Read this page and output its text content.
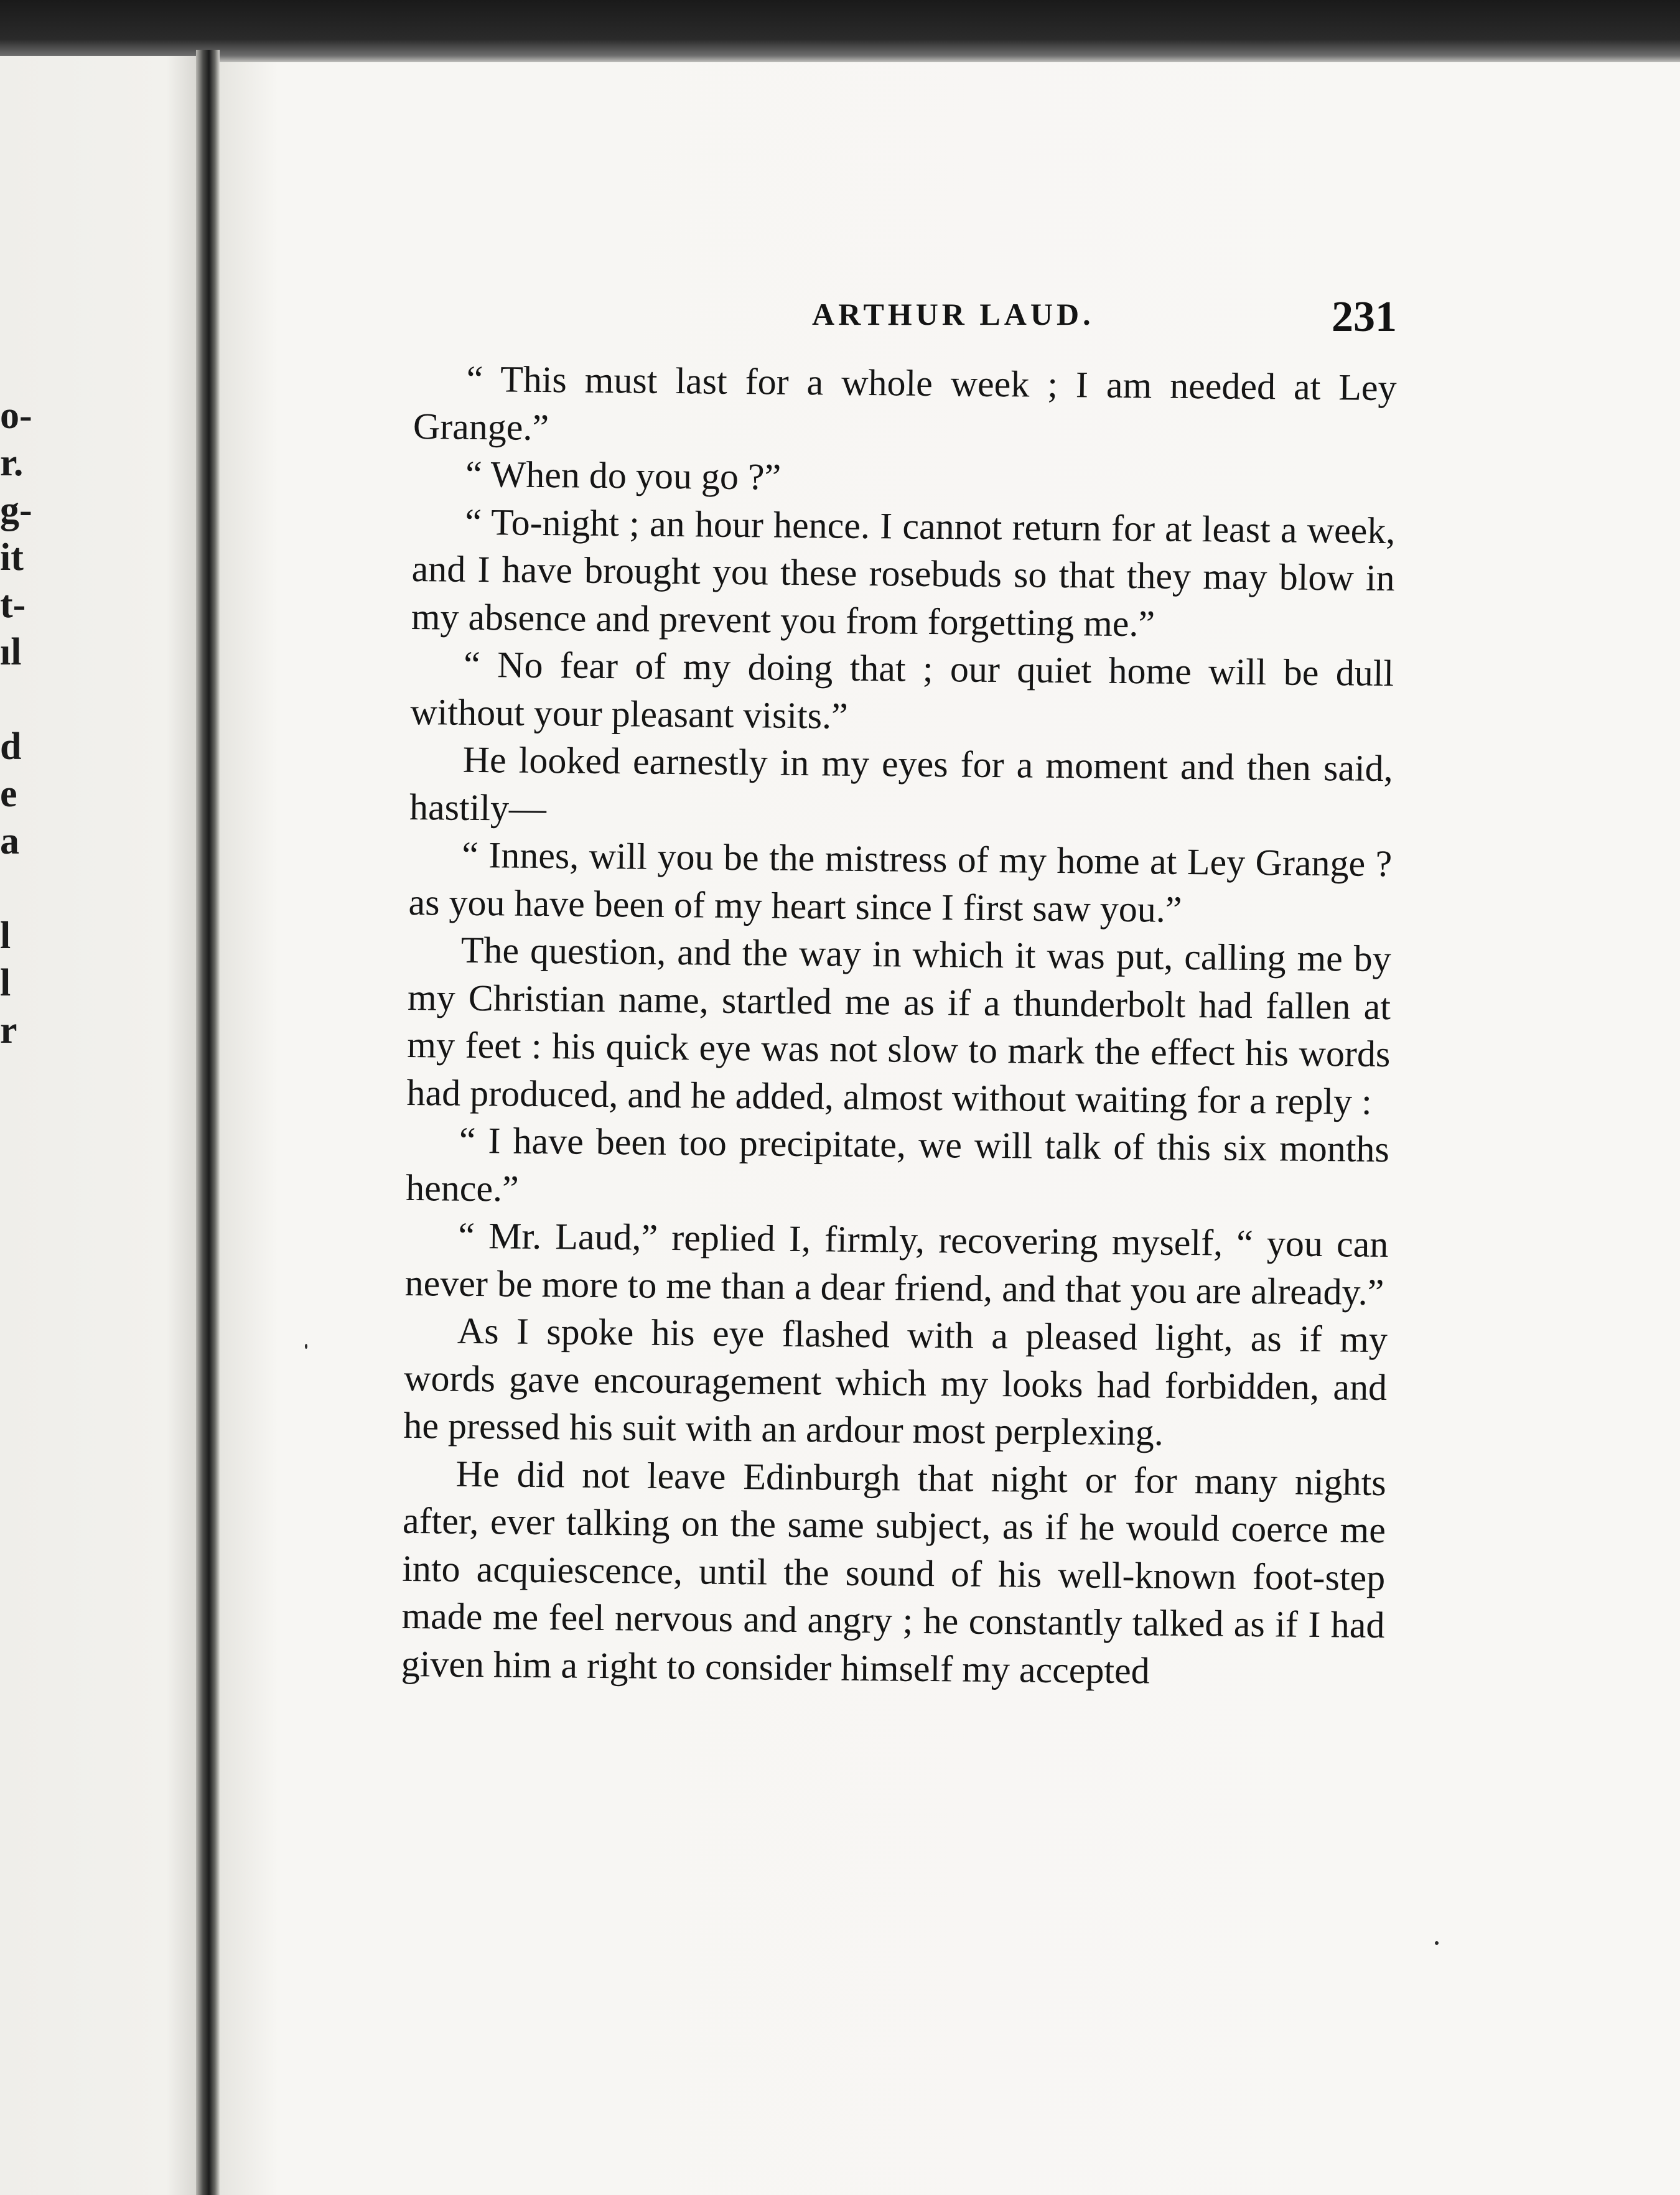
o-
r.
g-
it
t-
ıl
d
e
a
l
l
r
ARTHUR LAUD.	231

“ This must last for a whole week ; I am needed at Ley Grange.”

“ When do you go ?”

“ To-night ; an hour hence. I cannot return for at least a week, and I have brought you these rosebuds so that they may blow in my absence and prevent you from forgetting me.”

“ No fear of my doing that ; our quiet home will be dull without your pleasant visits.”

He looked earnestly in my eyes for a moment and then said, hastily—

“ Innes, will you be the mistress of my home at Ley Grange ? as you have been of my heart since I first saw you.”

The question, and the way in which it was put, calling me by my Christian name, startled me as if a thunderbolt had fallen at my feet : his quick eye was not slow to mark the effect his words had produced, and he added, almost without waiting for a reply :

“ I have been too precipitate, we will talk of this six months hence.”

“ Mr. Laud,” replied I, firmly, recovering myself, “ you can never be more to me than a dear friend, and that you are already.”

As I spoke his eye flashed with a pleased light, as if my words gave encouragement which my looks had forbidden, and he pressed his suit with an ardour most perplexing.

He did not leave Edinburgh that night or for many nights after, ever talking on the same subject, as if he would coerce me into acquiescence, until the sound of his well-known foot-step made me feel nervous and angry ; he constantly talked as if I had given him a right to consider himself my accepted
